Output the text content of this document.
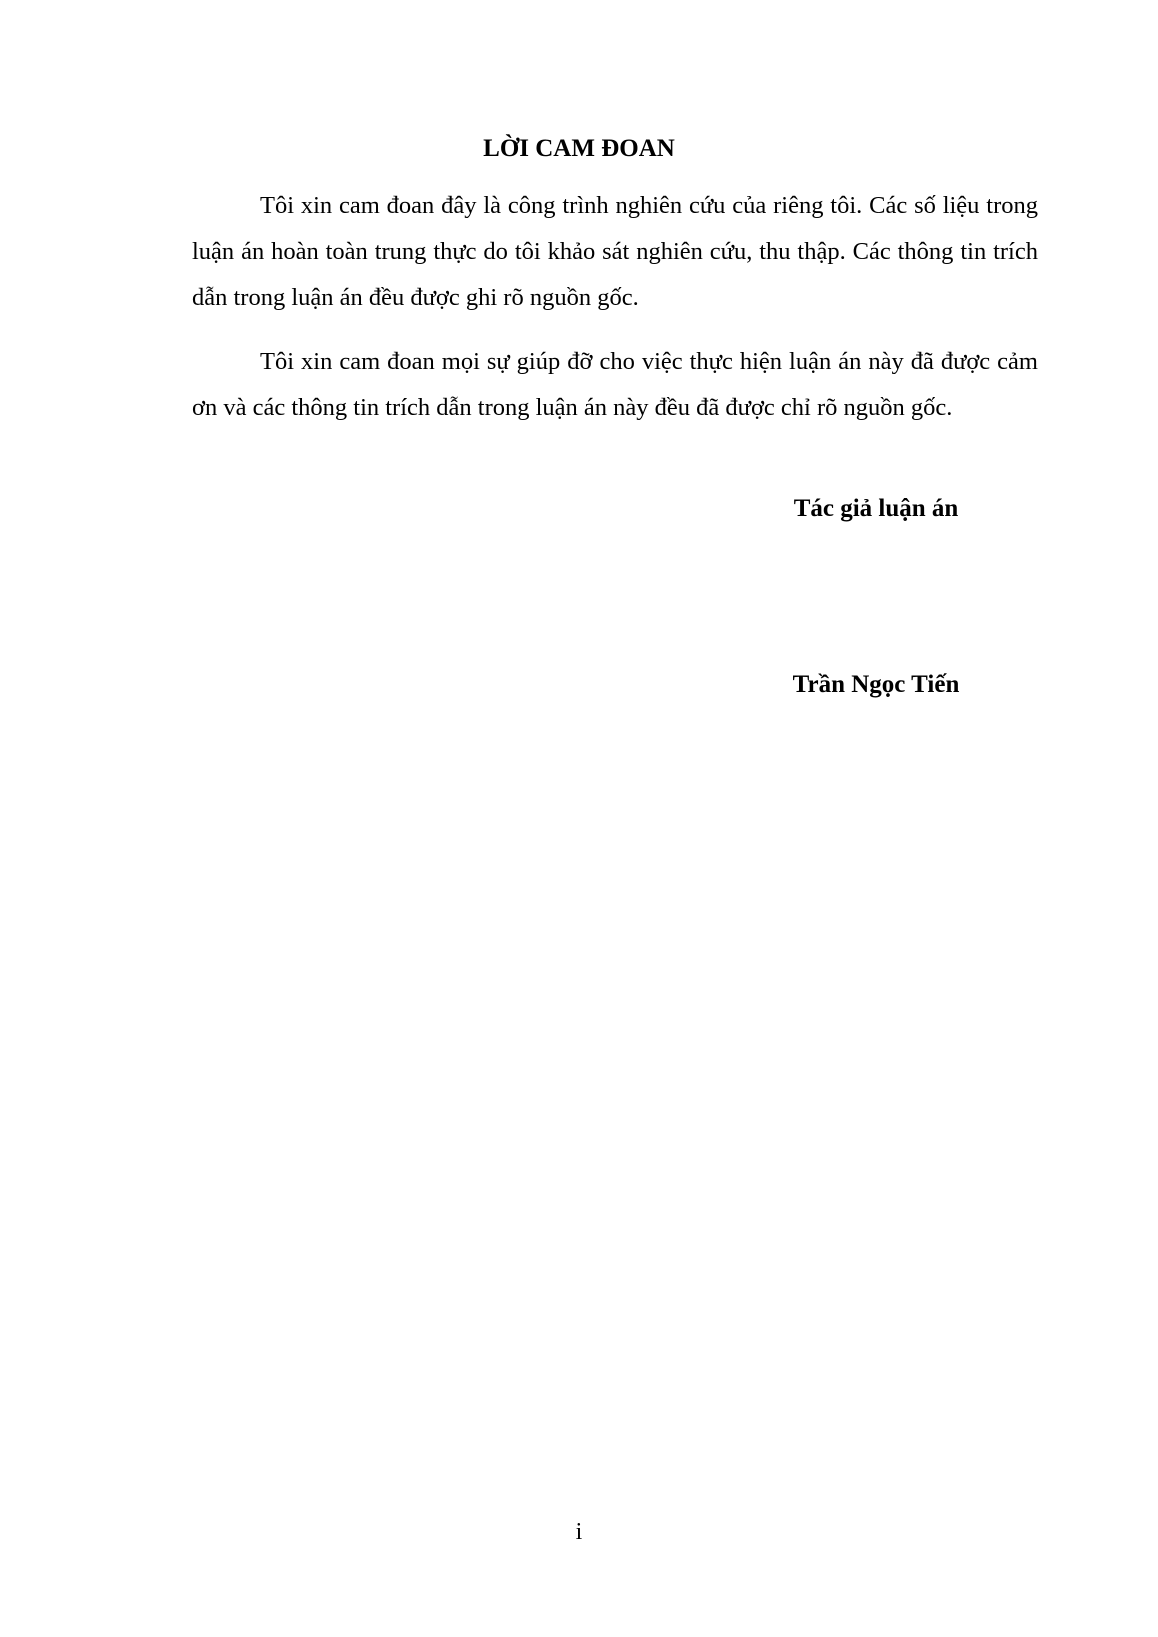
LỜI CAM ĐOAN

Tôi xin cam đoan đây là công trình nghiên cứu của riêng tôi. Các số liệu trong luận án hoàn toàn trung thực do tôi khảo sát nghiên cứu, thu thập. Các thông tin trích dẫn trong luận án đều được ghi rõ nguồn gốc.

Tôi xin cam đoan mọi sự giúp đỡ cho việc thực hiện luận án này đã được cảm ơn và các thông tin trích dẫn trong luận án này đều đã được chỉ rõ nguồn gốc.

Tác giả luận án

Trần Ngọc Tiến

i
